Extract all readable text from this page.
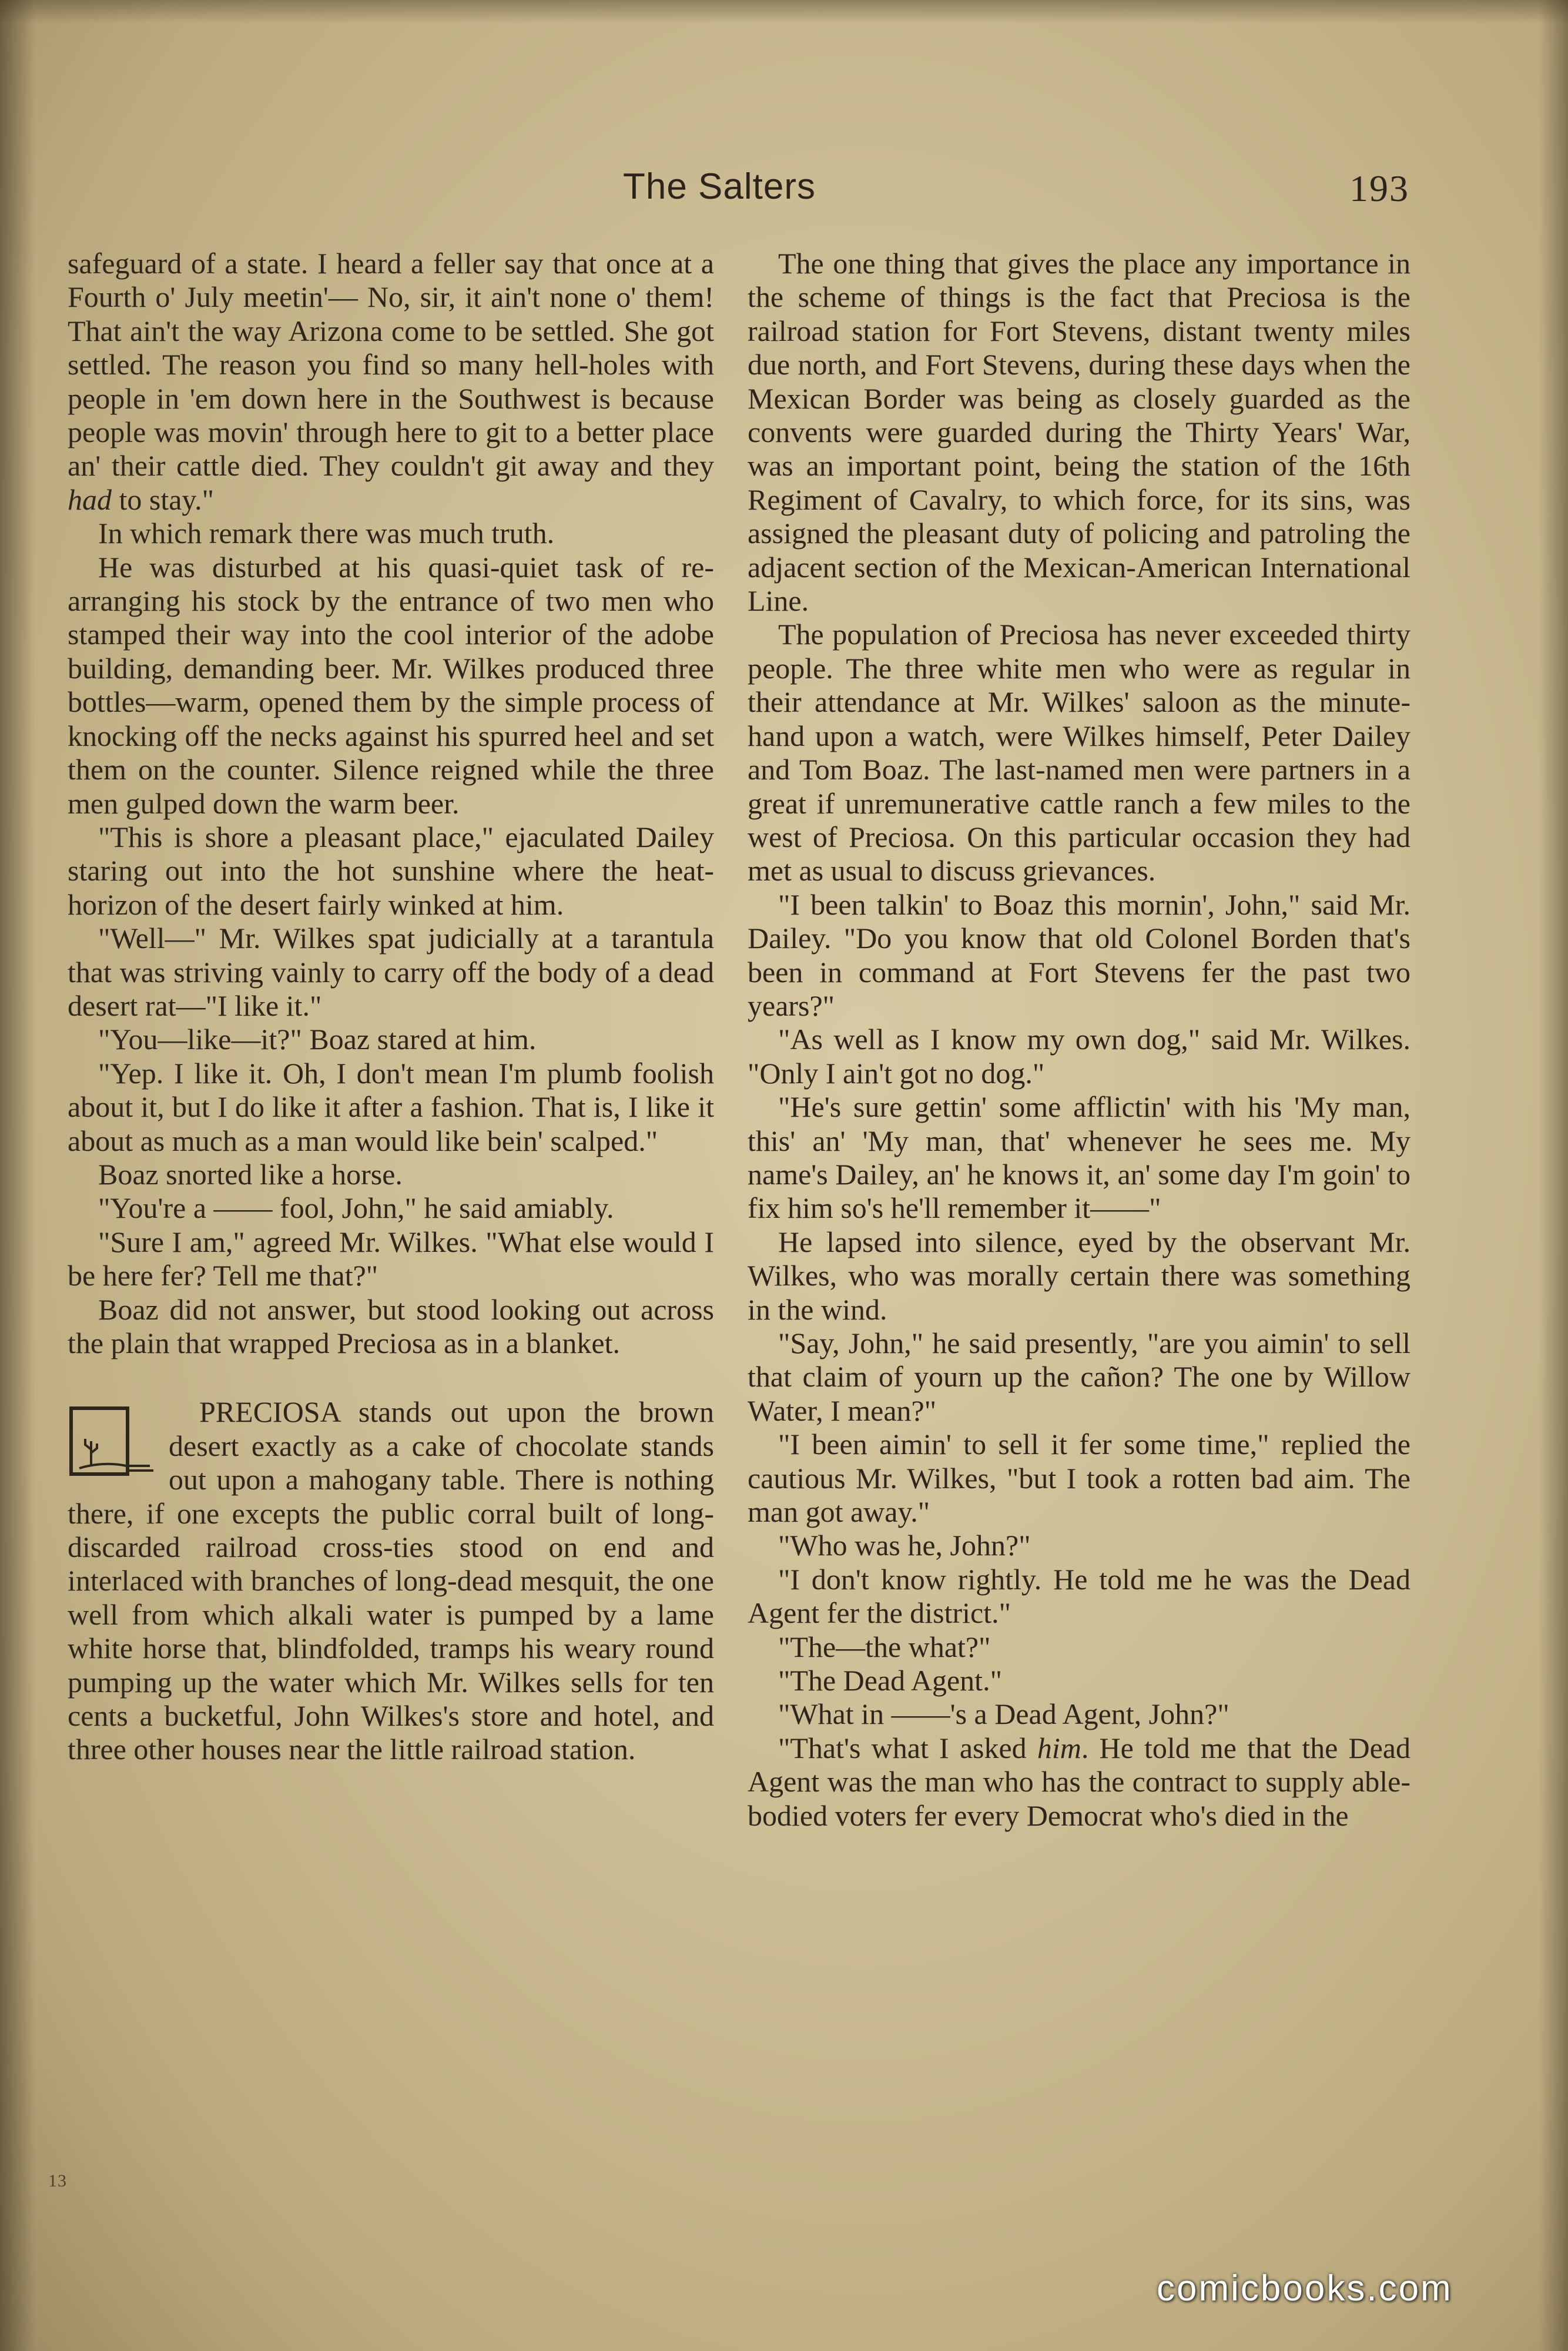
The Salters	193

safeguard of a state. I heard a feller say that once at a Fourth o' July meetin'— No, sir, it ain't none o' them! That ain't the way Arizona come to be settled. She got settled. The reason you find so many hell-holes with people in 'em down here in the Southwest is because people was movin' through here to git to a better place an' their cattle died. They couldn't git away and they had to stay."

In which remark there was much truth.

He was disturbed at his quasi-quiet task of re-arranging his stock by the entrance of two men who stamped their way into the cool interior of the adobe building, demanding beer. Mr. Wilkes produced three bottles—warm, opened them by the simple process of knocking off the necks against his spurred heel and set them on the counter. Silence reigned while the three men gulped down the warm beer.

"This is shore a pleasant place," ejaculated Dailey staring out into the hot sunshine where the heat-horizon of the desert fairly winked at him.

"Well—" Mr. Wilkes spat judicially at a tarantula that was striving vainly to carry off the body of a dead desert rat—"I like it."

"You—like—it?" Boaz stared at him.

"Yep. I like it. Oh, I don't mean I'm plumb foolish about it, but I do like it after a fashion. That is, I like it about as much as a man would like bein' scalped."

Boaz snorted like a horse.

"You're a —— fool, John," he said amiably.

"Sure I am," agreed Mr. Wilkes. "What else would I be here fer? Tell me that?"

Boaz did not answer, but stood looking out across the plain that wrapped Preciosa as in a blanket.

PRECIOSA stands out upon the brown desert exactly as a cake of chocolate stands out upon a mahogany table. There is nothing there, if one excepts the public corral built of long-discarded railroad cross-ties stood on end and interlaced with branches of long-dead mesquit, the one well from which alkali water is pumped by a lame white horse that, blindfolded, tramps his weary round pumping up the water which Mr. Wilkes sells for ten cents a bucketful, John Wilkes's store and hotel, and three other houses near the little railroad station.

The one thing that gives the place any importance in the scheme of things is the fact that Preciosa is the railroad station for Fort Stevens, distant twenty miles due north, and Fort Stevens, during these days when the Mexican Border was being as closely guarded as the convents were guarded during the Thirty Years' War, was an important point, being the station of the 16th Regiment of Cavalry, to which force, for its sins, was assigned the pleasant duty of policing and patroling the adjacent section of the Mexican-American International Line.

The population of Preciosa has never exceeded thirty people. The three white men who were as regular in their attendance at Mr. Wilkes' saloon as the minute-hand upon a watch, were Wilkes himself, Peter Dailey and Tom Boaz. The last-named men were partners in a great if unremunerative cattle ranch a few miles to the west of Preciosa. On this particular occasion they had met as usual to discuss grievances.

"I been talkin' to Boaz this mornin', John," said Mr. Dailey. "Do you know that old Colonel Borden that's been in command at Fort Stevens fer the past two years?"

"As well as I know my own dog," said Mr. Wilkes. "Only I ain't got no dog."

"He's sure gettin' some afflictin' with his 'My man, this' an' 'My man, that' whenever he sees me. My name's Dailey, an' he knows it, an' some day I'm goin' to fix him so's he'll remember it——"

He lapsed into silence, eyed by the observant Mr. Wilkes, who was morally certain there was something in the wind.

"Say, John," he said presently, "are you aimin' to sell that claim of yourn up the cañon? The one by Willow Water, I mean?"

"I been aimin' to sell it fer some time," replied the cautious Mr. Wilkes, "but I took a rotten bad aim. The man got away."

"Who was he, John?"

"I don't know rightly. He told me he was the Dead Agent fer the district."

"The—the what?"

"The Dead Agent."

"What in ——'s a Dead Agent, John?"

"That's what I asked him. He told me that the Dead Agent was the man who has the contract to supply able-bodied voters fer every Democrat who's died in the

13
comicbooks.com
